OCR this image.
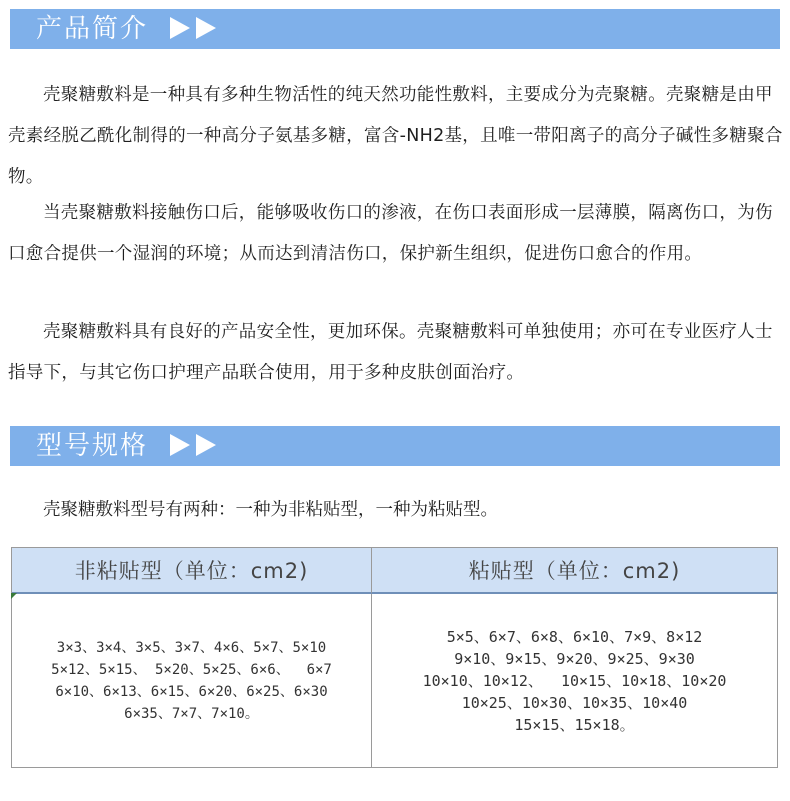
产品简介

壳聚糖敷料是一种具有多种生物活性的纯天然功能性敷料，主要成分为壳聚糖。壳聚糖是由甲壳素经脱乙酰化制得的一种高分子氨基多糖，富含-NH2基，且唯一带阳离子的高分子碱性多糖聚合物。

当壳聚糖敷料接触伤口后，能够吸收伤口的渗液，在伤口表面形成一层薄膜，隔离伤口，为伤口愈合提供一个湿润的环境；从而达到清洁伤口，保护新生组织，促进伤口愈合的作用。

壳聚糖敷料具有良好的产品安全性，更加环保。壳聚糖敷料可单独使用；亦可在专业医疗人士指导下，与其它伤口护理产品联合使用，用于多种皮肤创面治疗。

型号规格

壳聚糖敷料型号有两种：一种为非粘贴型，一种为粘贴型。

非粘贴型（单位：cm2)	粘贴型（单位：cm2)
3×3、3×4、3×5、3×7、4×6、5×7、5×10
5×12、5×15、 5×20、5×25、6×6、  6×7
6×10、6×13、6×15、6×20、6×25、6×30
6×35、7×7、7×10。
5×5、6×7、6×8、6×10、7×9、8×12
9×10、9×15、9×20、9×25、9×30
10×10、10×12、  10×15、10×18、10×20
10×25、10×30、10×35、10×40
15×15、15×18。
